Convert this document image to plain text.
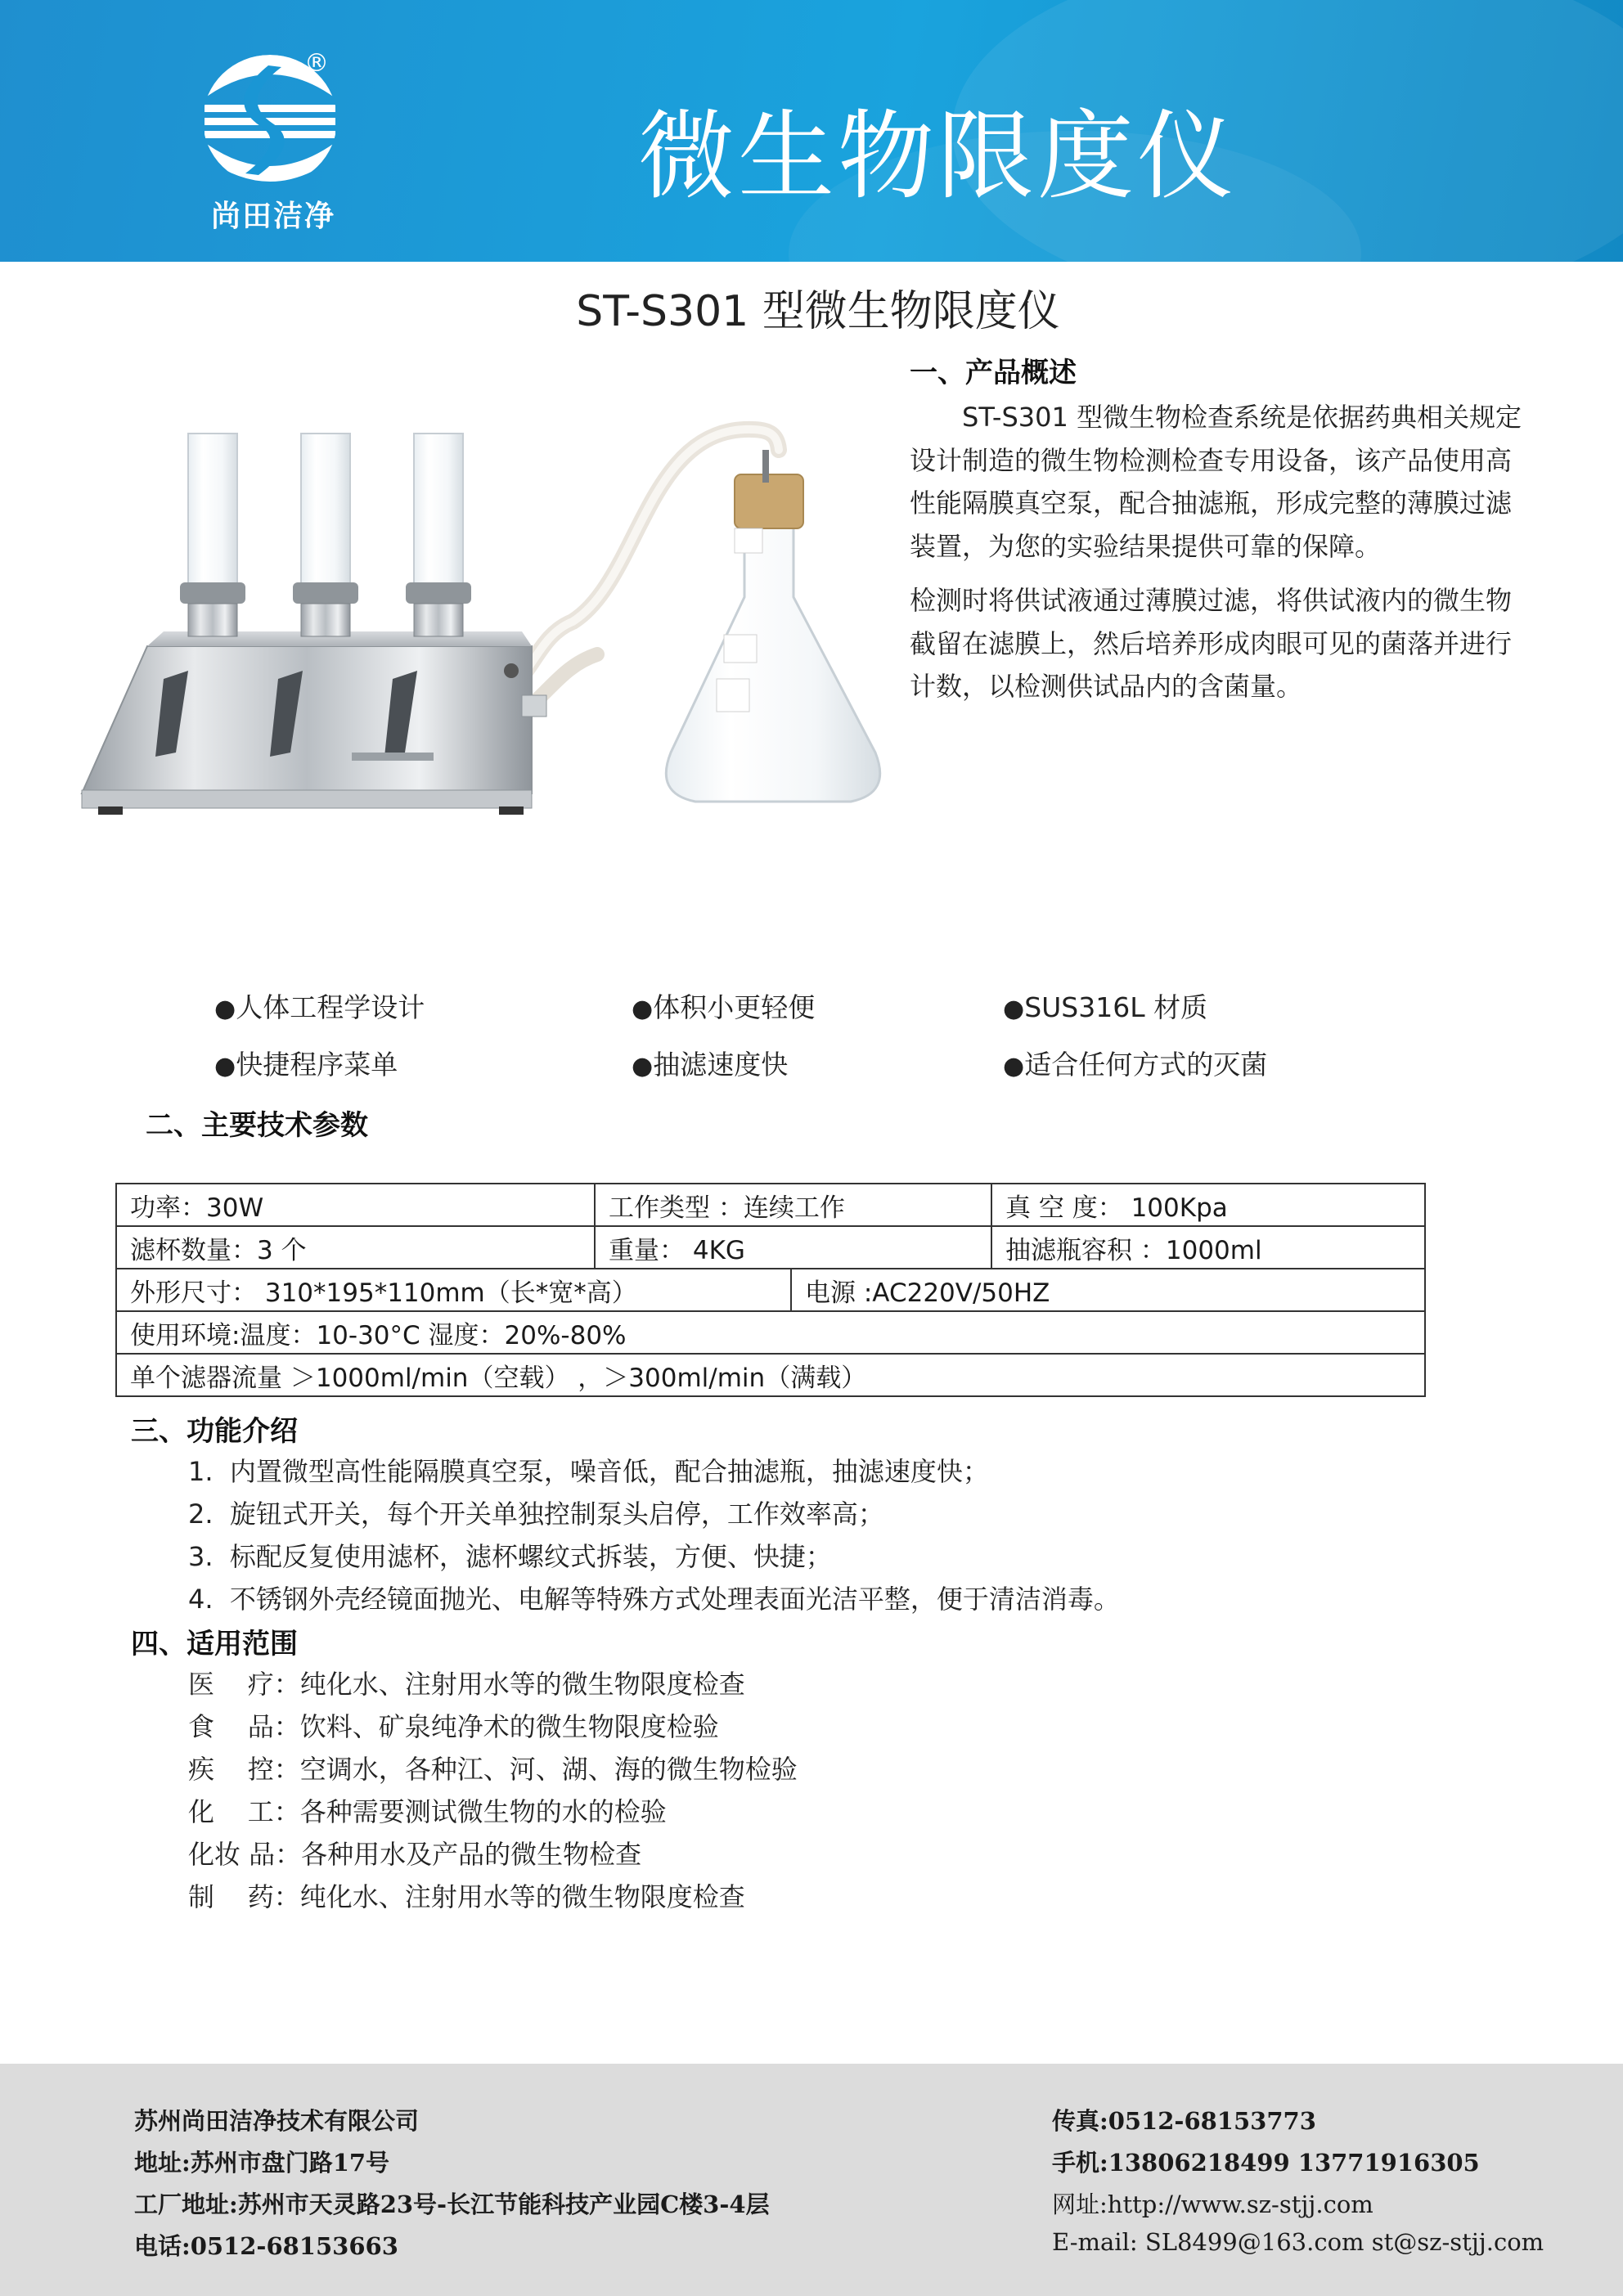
®
尚田洁净
微生物限度仪
ST-S301 型微生物限度仪
一、产品概述

ST-S301 型微生物检查系统是依据药典相关规定设计制造的微生物检测检查专用设备，该产品使用高性能隔膜真空泵，配合抽滤瓶，形成完整的薄膜过滤装置，为您的实验结果提供可靠的保障。

检测时将供试液通过薄膜过滤，将供试液内的微生物截留在滤膜上，然后培养形成肉眼可见的菌落并进行计数，以检测供试品内的含菌量。

●人体工程学设计	●体积小更轻便	●SUS316L 材质
●快捷程序菜单	●抽滤速度快	●适合任何方式的灭菌
二、主要技术参数
功率：30W	工作类型 ：连续工作		真 空 度： 100Kpa
滤杯数量：3 个	重量： 4KG		抽滤瓶容积 ：1000ml
外形尺寸： 310*195*110mm（长*宽*高）		电源 :AC220V/50HZ	
使用环境:温度：10-30°C 湿度：20%-80%			
单个滤器流量 ＞1000ml/min（空载） ，＞300ml/min（满载）			
三、功能介绍
1.  内置微型高性能隔膜真空泵，噪音低，配合抽滤瓶，抽滤速度快；
2.  旋钮式开关，每个开关单独控制泵头启停，工作效率高；
3.  标配反复使用滤杯，滤杯螺纹式拆装，方便、快捷；
4.  不锈钢外壳经镜面抛光、电解等特殊方式处理表面光洁平整，便于清洁消毒。
四、适用范围
医    疗：纯化水、注射用水等的微生物限度检查
食    品：饮料、矿泉纯净术的微生物限度检验
疾    控：空调水，各种江、河、湖、海的微生物检验
化    工：各种需要测试微生物的水的检验
化妆 品：各种用水及产品的微生物检查
制    药：纯化水、注射用水等的微生物限度检查
苏州尚田洁净技术有限公司
地址:苏州市盘门路17号
工厂地址:苏州市天灵路23号-长江节能科技产业园C楼3-4层
电话:0512-68153663
传真:0512-68153773
手机:13806218499 13771916305
网址:http://www.sz-stjj.com
E-mail: SL8499@163.com st@sz-stjj.com
